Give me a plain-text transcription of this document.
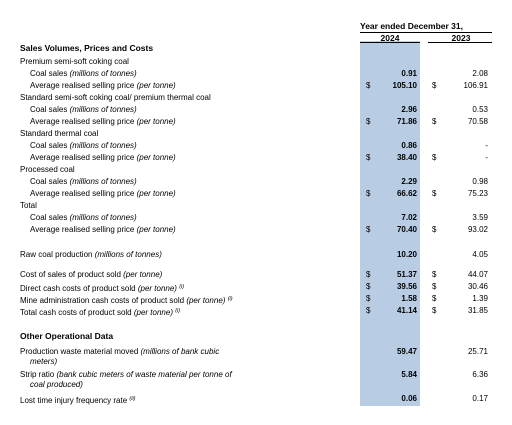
Year ended December 31,
2024	2023
Sales Volumes, Prices and Costs
Premium semi-soft coking coal
Coal sales (millions of tonnes)	0.91	2.08
Average realised selling price (per tonne)	$	105.10 $	106.91
Standard semi-soft coking coal/ premium thermal coal
Coal sales (millions of tonnes)	2.96	0.53
Average realised selling price (per tonne)	$	71.86 $	70.58
Standard thermal coal
Coal sales (millions of tonnes)	0.86	-
Average realised selling price (per tonne)	$	38.40 $	-
Processed coal
Coal sales (millions of tonnes)	2.29	0.98
Average realised selling price (per tonne)	$	66.62 $	75.23
Total
Coal sales (millions of tonnes)	7.02	3.59
Average realised selling price (per tonne)	$	70.40 $	93.02
Raw coal production (millions of tonnes)	10.20	4.05
Cost of sales of product sold (per tonne)	$	51.37 $	44.07
Direct cash costs of product sold (per tonne) $^{(i)}$	$	39.56 $	30.46
Mine administration cash costs of product sold (per tonne) $^{(i)}$	$	1.58 $	1.39
Total cash costs of product sold (per tonne) $^{(i)}$	$	41.14 $	31.85
Other Operational Data
Production waste material moved (millions of bank cubic	59.47	25.71
meters)
Strip ratio (bank cubic meters of waste material per tonne of	5.84	6.36
coal produced)
Lost time injury frequency rate $^{(ii)}$	0.06	0.17
